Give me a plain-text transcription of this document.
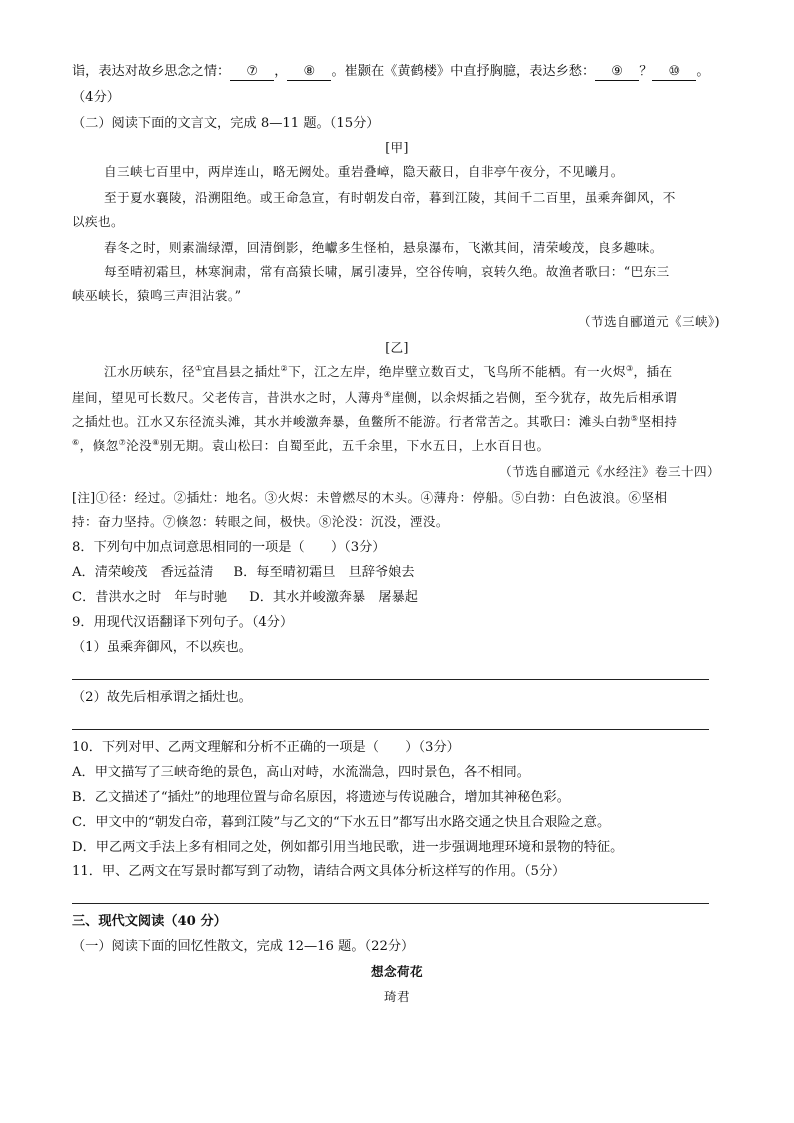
诣，表达对故乡思念之情： ⑦ ， ⑧ 。崔颢在《黄鹤楼》中直抒胸臆，表达乡愁： ⑨ ？ ⑩ 。
（4分）
（二）阅读下面的文言文，完成 8—11 题。（15分）
[甲]
自三峡七百里中，两岸连山，略无阙处。重岩叠嶂，隐天蔽日，自非亭午夜分，不见曦月。
至于夏水襄陵，沿溯阻绝。或王命急宣，有时朝发白帝，暮到江陵，其间千二百里，虽乘奔御风，不
以疾也。
春冬之时，则素湍绿潭，回清倒影，绝巘多生怪柏，悬泉瀑布，飞漱其间，清荣峻茂，良多趣味。
每至晴初霜旦，林寒涧肃，常有高猿长啸，属引凄异，空谷传响，哀转久绝。故渔者歌曰：“巴东三
峡巫峡长，猿鸣三声泪沾裳。”
（节选自郦道元《三峡》)
[乙]
江水历峡东，径①宜昌县之插灶②下，江之左岸，绝岸壁立数百丈，飞鸟所不能栖。有一火烬③，插在
崖间，望见可长数尺。父老传言，昔洪水之时，人薄舟④崖侧，以余烬插之岩侧，至今犹存，故先后相承谓
之插灶也。江水又东径流头滩，其水并峻激奔暴，鱼鳖所不能游。行者常苦之。其歌曰：滩头白勃⑤坚相持
⑥，倏忽⑦沦没⑧别无期。袁山松曰：自蜀至此，五千余里，下水五日，上水百日也。
（节选自郦道元《水经注》卷三十四）
[注]①径：经过。②插灶：地名。③火烬：未曾燃尽的木头。④薄舟：停船。⑤白勃：白色波浪。⑥坚相
持：奋力坚持。⑦倏忽：转眼之间，极快。⑧沦没：沉没，湮没。
8．下列句中加点词意思相同的一项是（　　）（3分）
A．清荣峻茂　香远益清 B．每至晴初霜旦　旦辞爷娘去
C．昔洪水之时　年与时驰 D．其水并峻激奔暴　屠暴起
9．用现代汉语翻译下列句子。（4分）
（1）虽乘奔御风，不以疾也。
（2）故先后相承谓之插灶也。
10．下列对甲、乙两文理解和分析不正确的一项是（　　）（3分）
A．甲文描写了三峡奇绝的景色，高山对峙，水流湍急，四时景色，各不相同。
B．乙文描述了“插灶”的地理位置与命名原因，将遗迹与传说融合，增加其神秘色彩。
C．甲文中的“朝发白帝，暮到江陵”与乙文的“下水五日”都写出水路交通之快且合艰险之意。
D．甲乙两文手法上多有相同之处，例如都引用当地民歌，进一步强调地理环境和景物的特征。
11．甲、乙两文在写景时都写到了动物，请结合两文具体分析这样写的作用。（5分）
三、现代文阅读（40 分）
（一）阅读下面的回忆性散文，完成 12—16 题。（22分）
想念荷花
琦君
